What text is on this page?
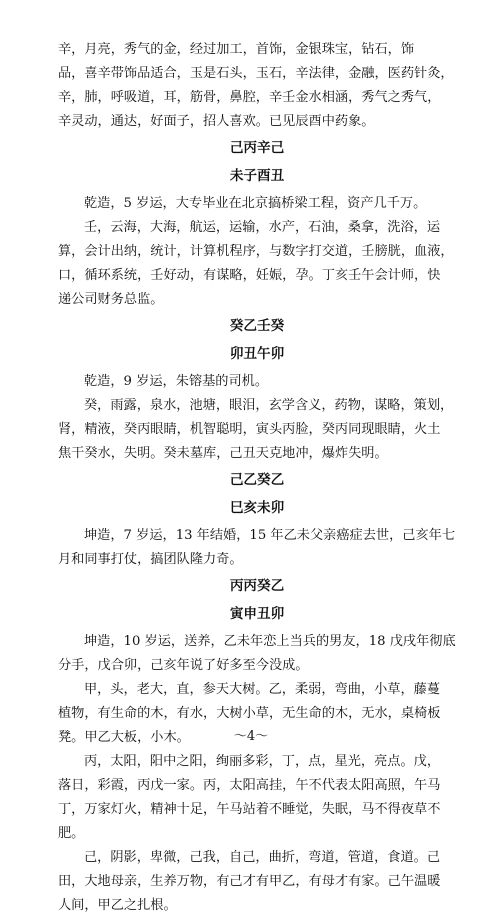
辛，月亮，秀气的金，经过加工，首饰，金银珠宝，钻石，饰

品，喜辛带饰品适合，玉是石头，玉石，辛法律，金融，医药针灸，

辛，肺，呼吸道，耳，筋骨，鼻腔，辛壬金水相涵，秀气之秀气，

辛灵动，通达，好面子，招人喜欢。已见辰酉中药象。

己丙辛己
未子酉丑

乾造，5 岁运，大专毕业在北京搞桥梁工程，资产几千万。

壬，云海，大海，航运，运输，水产，石油，桑拿，洗浴，运

算，会计出纳，统计，计算机程序，与数字打交道，壬膀胱，血液，

口，循环系统，壬好动，有谋略，妊娠，孕。丁亥壬午会计师，快

递公司财务总监。

癸乙壬癸
卯丑午卯

乾造，9 岁运，朱镕基的司机。

癸，雨露，泉水，池塘，眼泪，玄学含义，药物，谋略，策划，

肾，精液，癸丙眼睛，机智聪明，寅头丙脸，癸丙同现眼睛，火土

焦干癸水，失明。癸未墓库，己丑天克地冲，爆炸失明。

己乙癸乙
巳亥未卯

坤造，7 岁运，13 年结婚，15 年乙未父亲癌症去世，己亥年七

月和同事打仗，搞团队隆力奇。

丙丙癸乙
寅申丑卯

坤造，10 岁运，送养，乙未年恋上当兵的男友，18 戊戌年彻底

分手，戊合卯，己亥年说了好多至今没成。

甲，头，老大，直，参天大树。乙，柔弱，弯曲，小草，藤蔓

植物，有生命的木，有水，大树小草，无生命的木，无水，桌椅板

凳。甲乙大板，小木。

丙，太阳，阳中之阳，绚丽多彩，丁，点，星光，亮点。戊，

落日，彩霞，丙戊一家。丙，太阳高挂，午不代表太阳高照，午马

丁，万家灯火，精神十足，午马站着不睡觉，失眠，马不得夜草不

肥。

己，阴影，卑微，己我，自己，曲折，弯道，管道，食道。己

田，大地母亲，生养万物，有己才有甲乙，有母才有家。己午温暖

人间，甲乙之扎根。

～4～
